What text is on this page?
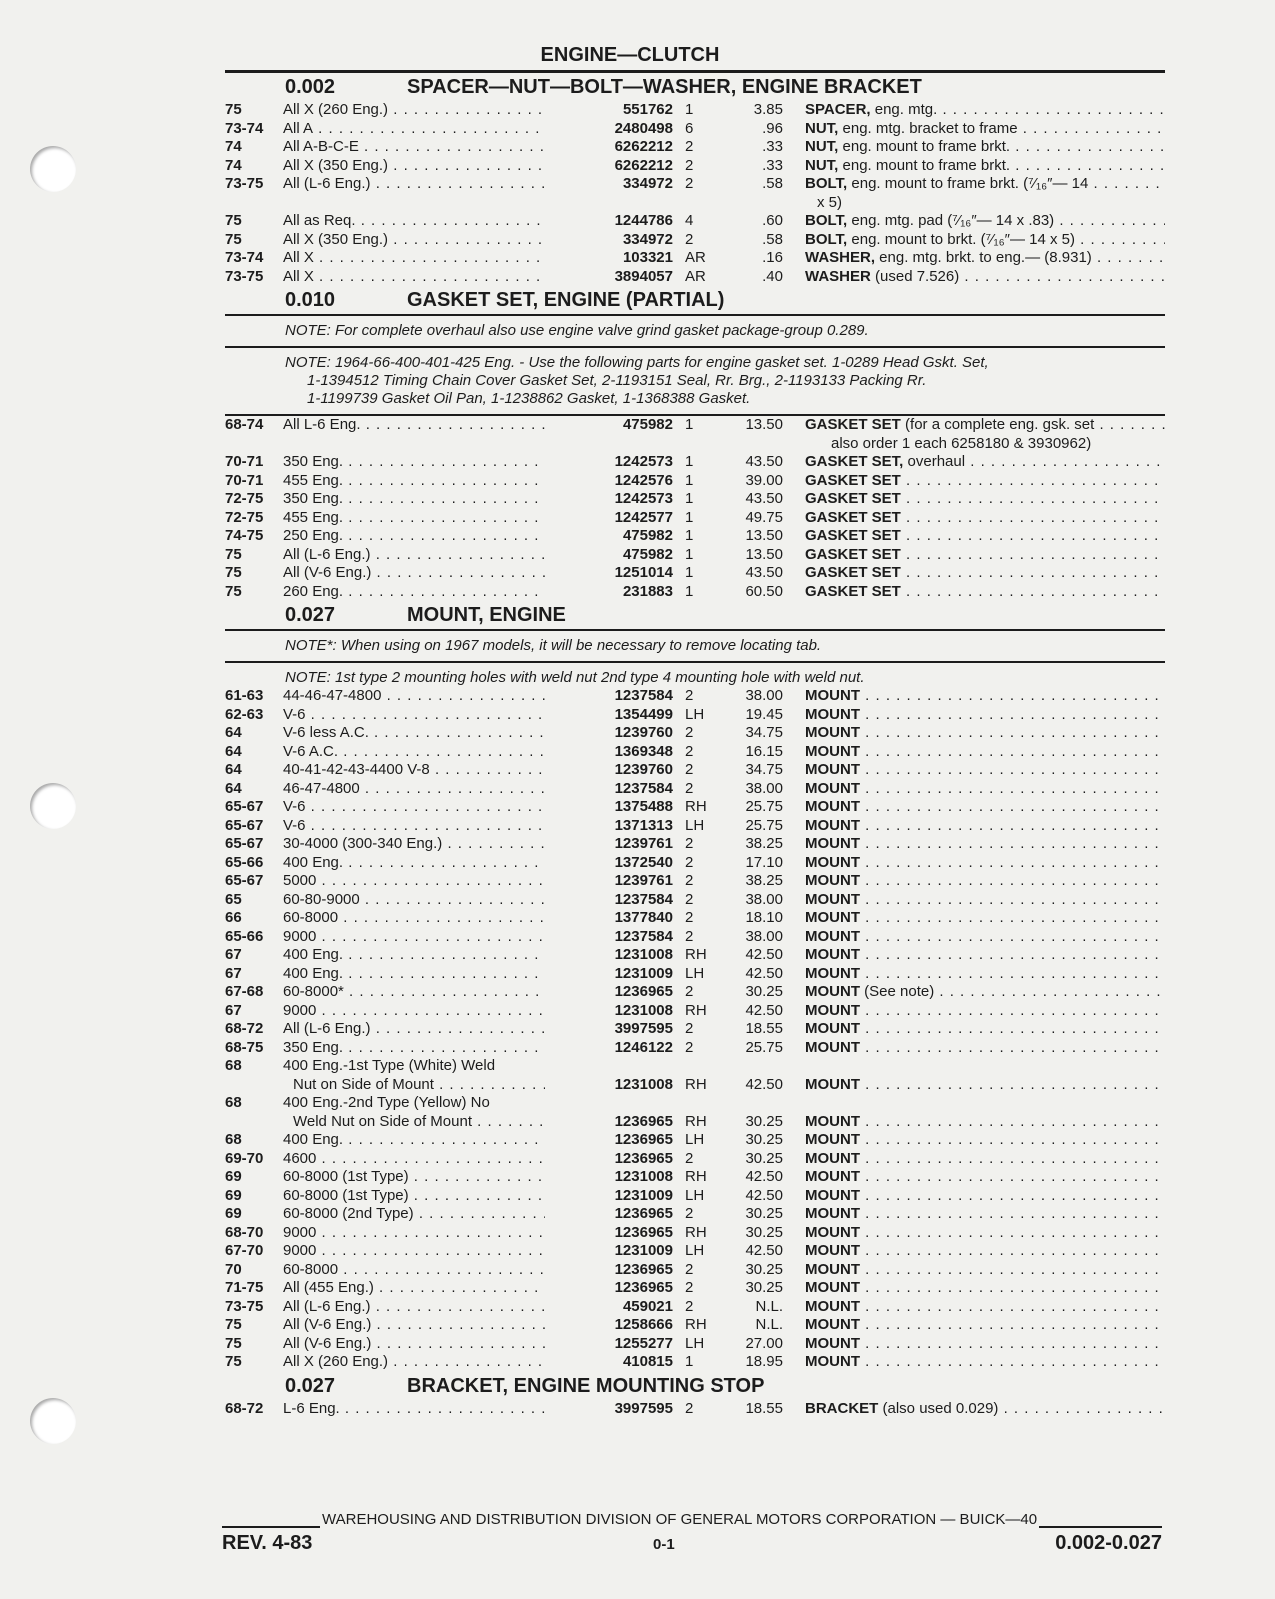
ENGINE—CLUTCH
0.002	SPACER—NUT—BOLT—WASHER, ENGINE BRACKET
75	All X (260 Eng.) . . .	551762 1	3.85 SPACER, eng. mtg. . . .
73-74	All A . . .	2480498 6	.96 NUT, eng. mtg. bracket to frame . . .
74	All A-B-C-E . . .	6262212 2	.33 NUT, eng. mount to frame brkt. . . .
74	All X (350 Eng.) . . .	6262212 2	.33 NUT, eng. mount to frame brkt. . . .
73-75	All (L-6 Eng.) . . .	334972 2	.58 BOLT, eng. mount to frame brkt. (⁷⁄₁₆″— 14 . . .
x 5)
75	All as Req. . . .	1244786 4	.60 BOLT, eng. mtg. pad (⁷⁄₁₆″— 14 x .83) . . .
75	All X (350 Eng.) . . .	334972 2	.58 BOLT, eng. mount to brkt. (⁷⁄₁₆″— 14 x 5) . . .
73-74	All X . . .	103321 AR	.16 WASHER, eng. mtg. brkt. to eng.— (8.931) . . .
73-75	All X . . .	3894057 AR	.40 WASHER (used 7.526) . . .
0.010	GASKET SET, ENGINE (PARTIAL)
NOTE: For complete overhaul also use engine valve grind gasket package-group 0.289.
NOTE: 1964-66-400-401-425 Eng. - Use the following parts for engine gasket set. 1-0289 Head Gskt. Set,
1-1394512 Timing Chain Cover Gasket Set, 2-1193151 Seal, Rr. Brg., 2-1193133 Packing Rr.
1-1199739 Gasket Oil Pan, 1-1238862 Gasket, 1-1368388 Gasket.
68-74	All L-6 Eng. . . .	475982 1	13.50 GASKET SET (for a complete eng. gsk. set . . .
also order 1 each 6258180 & 3930962)
70-71	350 Eng. . . .	1242573 1	43.50 GASKET SET, overhaul . . .
70-71	455 Eng. . . .	1242576 1	39.00 GASKET SET . . .
72-75	350 Eng. . . .	1242573 1	43.50 GASKET SET . . .
72-75	455 Eng. . . .	1242577 1	49.75 GASKET SET . . .
74-75	250 Eng. . . .	475982 1	13.50 GASKET SET . . .
75	All (L-6 Eng.) . . .	475982 1	13.50 GASKET SET . . .
75	All (V-6 Eng.) . . .	1251014 1	43.50 GASKET SET . . .
75	260 Eng. . . .	231883 1	60.50 GASKET SET . . .
0.027	MOUNT, ENGINE
NOTE*: When using on 1967 models, it will be necessary to remove locating tab.
NOTE: 1st type 2 mounting holes with weld nut 2nd type 4 mounting hole with weld nut.
61-63	44-46-47-4800 . . .	1237584 2	38.00 MOUNT . . .
62-63	V-6 . . .	1354499 LH	19.45 MOUNT . . .
64	V-6 less A.C. . . .	1239760 2	34.75 MOUNT . . .
64	V-6 A.C. . . .	1369348 2	16.15 MOUNT . . .
64	40-41-42-43-4400 V-8 . . .	1239760 2	34.75 MOUNT . . .
64	46-47-4800 . . .	1237584 2	38.00 MOUNT . . .
65-67	V-6 . . .	1375488 RH	25.75 MOUNT . . .
65-67	V-6 . . .	1371313 LH	25.75 MOUNT . . .
65-67	30-4000 (300-340 Eng.) . . .	1239761 2	38.25 MOUNT . . .
65-66	400 Eng. . . .	1372540 2	17.10 MOUNT . . .
65-67	5000 . . .	1239761 2	38.25 MOUNT . . .
65	60-80-9000 . . .	1237584 2	38.00 MOUNT . . .
66	60-8000 . . .	1377840 2	18.10 MOUNT . . .
65-66	9000 . . .	1237584 2	38.00 MOUNT . . .
67	400 Eng. . . .	1231008 RH	42.50 MOUNT . . .
67	400 Eng. . . .	1231009 LH	42.50 MOUNT . . .
67-68	60-8000* . . .	1236965 2	30.25 MOUNT (See note) . . .
67	9000 . . .	1231008 RH	42.50 MOUNT . . .
68-72	All (L-6 Eng.) . . .	3997595 2	18.55 MOUNT . . .
68-75	350 Eng. . . .	1246122 2	25.75 MOUNT . . .
68	400 Eng.-1st Type (White) Weld
Nut on Side of Mount . . .	1231008 RH	42.50 MOUNT . . .
68	400 Eng.-2nd Type (Yellow) No
Weld Nut on Side of Mount . . .	1236965 RH	30.25 MOUNT . . .
68	400 Eng. . . .	1236965 LH	30.25 MOUNT . . .
69-70	4600 . . .	1236965 2	30.25 MOUNT . . .
69	60-8000 (1st Type) . . .	1231008 RH	42.50 MOUNT . . .
69	60-8000 (1st Type) . . .	1231009 LH	42.50 MOUNT . . .
69	60-8000 (2nd Type) . . .	1236965 2	30.25 MOUNT . . .
68-70	9000 . . .	1236965 RH	30.25 MOUNT . . .
67-70	9000 . . .	1231009 LH	42.50 MOUNT . . .
70	60-8000 . . .	1236965 2	30.25 MOUNT . . .
71-75	All (455 Eng.) . . .	1236965 2	30.25 MOUNT . . .
73-75	All (L-6 Eng.) . . .	459021 2	N.L. MOUNT . . .
75	All (V-6 Eng.) . . .	1258666 RH	N.L. MOUNT . . .
75	All (V-6 Eng.) . . .	1255277 LH	27.00 MOUNT . . .
75	All X (260 Eng.) . . .	410815 1	18.95 MOUNT . . .
0.027	BRACKET, ENGINE MOUNTING STOP
68-72	L-6 Eng. . . .	3997595 2	18.55 BRACKET (also used 0.029) . . .
WAREHOUSING AND DISTRIBUTION DIVISION OF GENERAL MOTORS CORPORATION — BUICK—40
REV. 4-83	0-1	0.002-0.027
